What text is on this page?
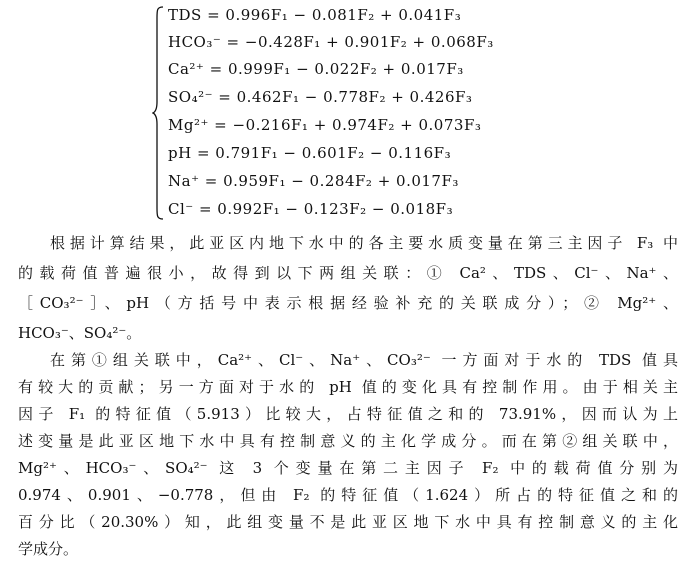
TDS = 0.996F₁ − 0.081F₂ + 0.041F₃
HCO₃⁻ = −0.428F₁ + 0.901F₂ + 0.068F₃
Ca²⁺ = 0.999F₁ − 0.022F₂ + 0.017F₃
SO₄²⁻ = 0.462F₁ − 0.778F₂ + 0.426F₃
Mg²⁺ = −0.216F₁ + 0.974F₂ + 0.073F₃
pH = 0.791F₁ − 0.601F₂ − 0.116F₃
Na⁺ = 0.959F₁ − 0.284F₂ + 0.017F₃
Cl⁻ = 0.992F₁ − 0.123F₂ − 0.018F₃
根据计算结果，此亚区内地下水中的各主要水质变量在第三主因子 F₃ 中
的载荷值普遍很小，故得到以下两组关联：① Ca²、TDS、Cl⁻、Na⁺、
［CO₃²⁻］、pH（方括号中表示根据经验补充的关联成分）；② Mg²⁺、
HCO₃⁻、SO₄²⁻。
在第①组关联中，Ca²⁺、Cl⁻、Na⁺、CO₃²⁻ 一方面对于水的 TDS 值具
有较大的贡献；另一方面对于水的 pH 值的变化具有控制作用。由于相关主
因子 F₁ 的特征值（5.913）比较大，占特征值之和的 73.91%，因而认为上
述变量是此亚区地下水中具有控制意义的主化学成分。而在第②组关联中，
Mg²⁺、HCO₃⁻、SO₄²⁻ 这 3 个变量在第二主因子 F₂ 中的载荷值分别为
0.974、0.901、−0.778，但由 F₂ 的特征值（1.624）所占的特征值之和的
百分比（20.30%）知，此组变量不是此亚区地下水中具有控制意义的主化
学成分。
